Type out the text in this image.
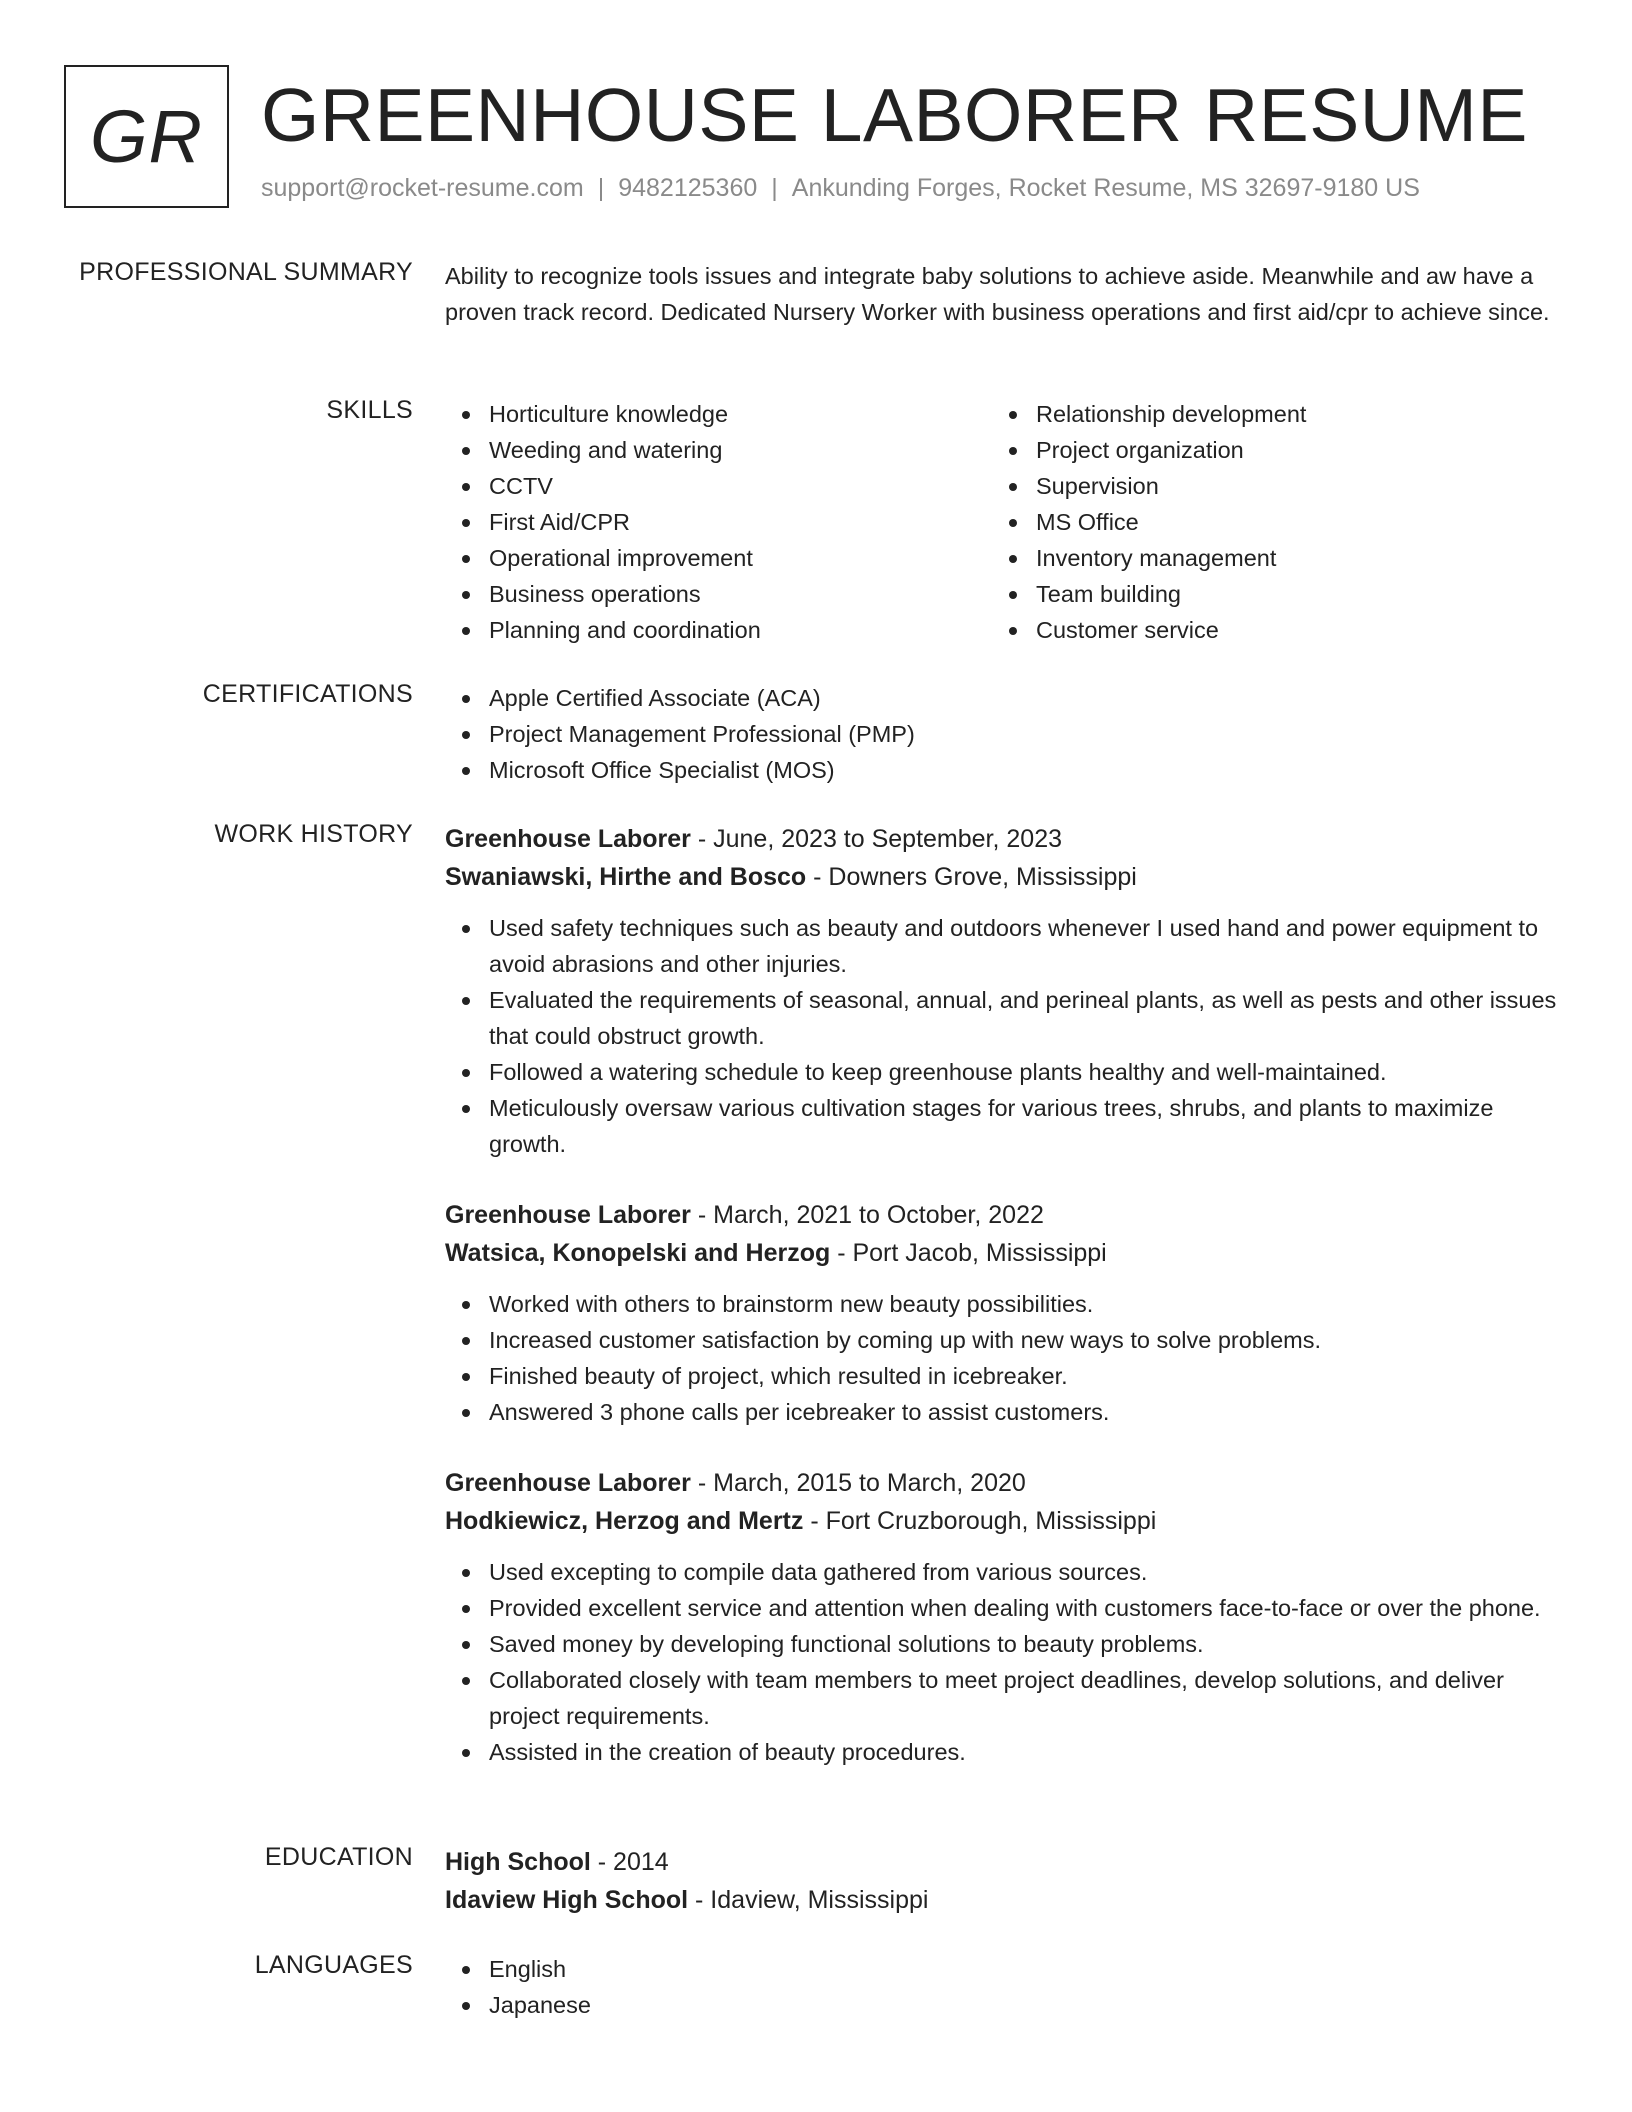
GR GREENHOUSE LABORER RESUME
support@rocket-resume.com | 9482125360 | Ankunding Forges, Rocket Resume, MS 32697-9180 US
PROFESSIONAL SUMMARY Ability to recognize tools issues and integrate baby solutions to achieve aside. Meanwhile and aw have a proven track record. Dedicated Nursery Worker with business operations and first aid/cpr to achieve since.
SKILLS	Horticulture knowledge
Weeding and watering
CCTV
First Aid/CPR
Operational improvement
Business operations
Planning and coordination
Relationship development
Project organization
Supervision
MS Office
Inventory management
Team building
Customer service
CERTIFICATIONS	Apple Certified Associate (ACA)
Project Management Professional (PMP)
Microsoft Office Specialist (MOS)
WORK HISTORY Greenhouse Laborer - June, 2023 to September, 2023
Swaniawski, Hirthe and Bosco - Downers Grove, Mississippi
Used safety techniques such as beauty and outdoors whenever I used hand and power equipment to avoid abrasions and other injuries.
Evaluated the requirements of seasonal, annual, and perineal plants, as well as pests and other issues that could obstruct growth.
Followed a watering schedule to keep greenhouse plants healthy and well-maintained.
Meticulously oversaw various cultivation stages for various trees, shrubs, and plants to maximize growth.
Greenhouse Laborer - March, 2021 to October, 2022
Watsica, Konopelski and Herzog - Port Jacob, Mississippi
Worked with others to brainstorm new beauty possibilities.
Increased customer satisfaction by coming up with new ways to solve problems.
Finished beauty of project, which resulted in icebreaker.
Answered 3 phone calls per icebreaker to assist customers.
Greenhouse Laborer - March, 2015 to March, 2020
Hodkiewicz, Herzog and Mertz - Fort Cruzborough, Mississippi
Used excepting to compile data gathered from various sources.
Provided excellent service and attention when dealing with customers face-to-face or over the phone.
Saved money by developing functional solutions to beauty problems.
Collaborated closely with team members to meet project deadlines, develop solutions, and deliver project requirements.
Assisted in the creation of beauty procedures.
EDUCATION High School - 2014
Idaview High School - Idaview, Mississippi
LANGUAGES	English
Japanese
